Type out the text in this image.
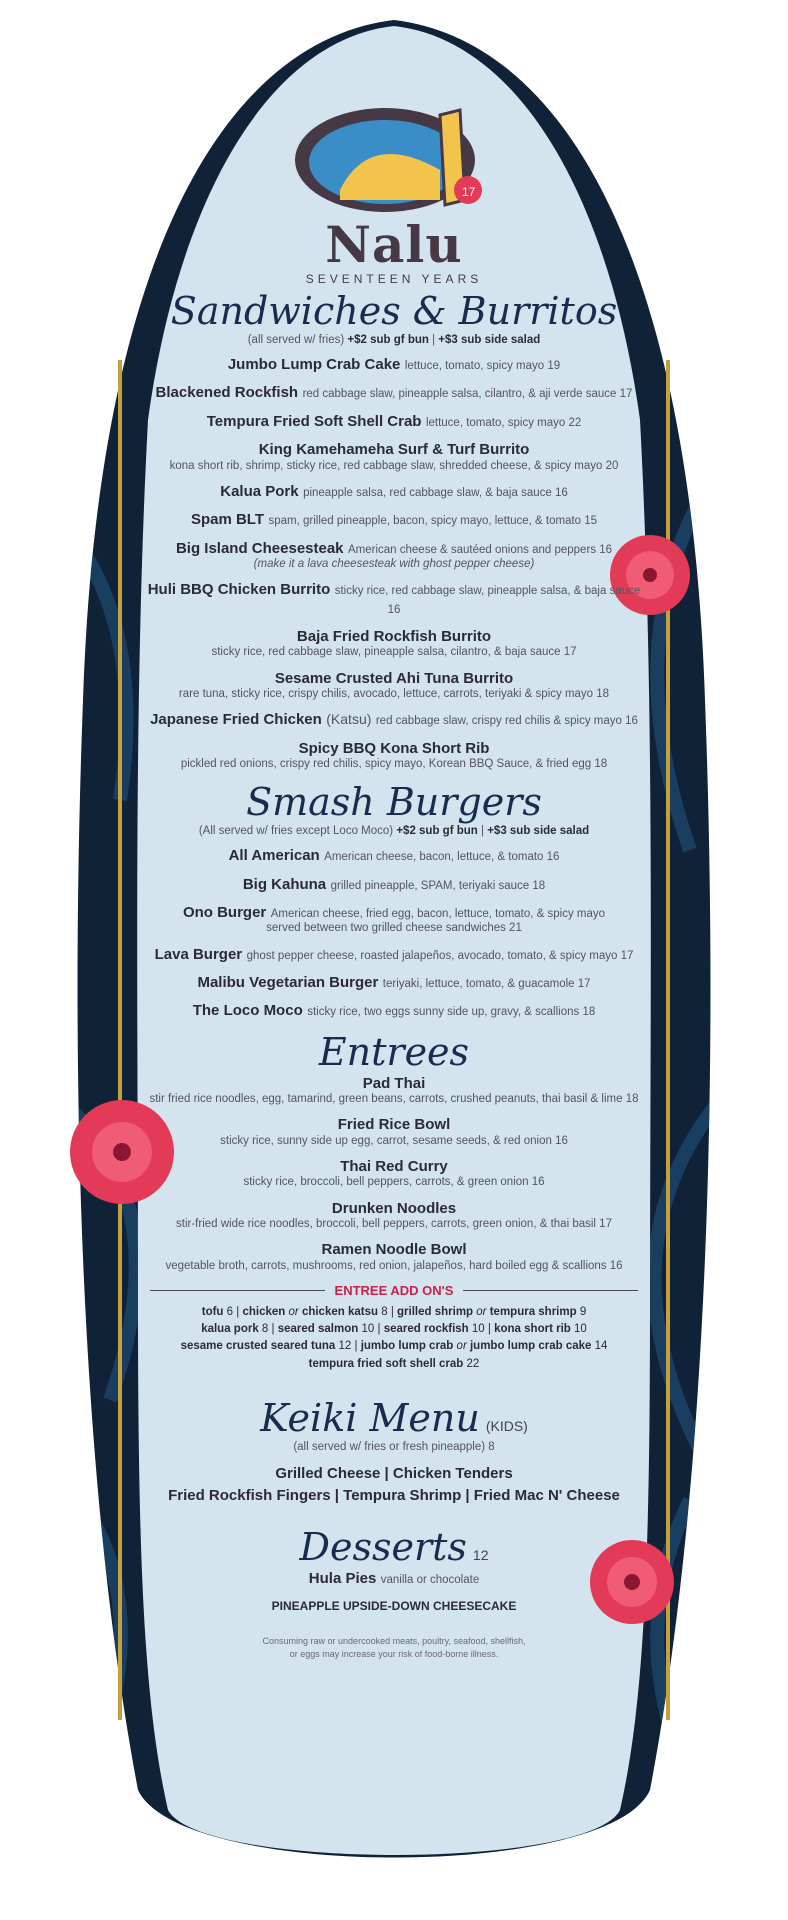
17
Nalu
SEVENTEEN YEARS
Sandwiches & Burritos
(all served w/ fries) +$2 sub gf bun | +$3 sub side salad
Jumbo Lump Crab Cake lettuce, tomato, spicy mayo 19
Blackened Rockfish red cabbage slaw, pineapple salsa, cilantro, & aji verde sauce 17
Tempura Fried Soft Shell Crab lettuce, tomato, spicy mayo 22
King Kamehameha Surf & Turf Burrito
kona short rib, shrimp, sticky rice, red cabbage slaw, shredded cheese, & spicy mayo 20
Kalua Pork pineapple salsa, red cabbage slaw, & baja sauce 16
Spam BLT spam, grilled pineapple, bacon, spicy mayo, lettuce, & tomato 15
Big Island Cheesesteak American cheese & sautéed onions and peppers 16
(make it a lava cheesesteak with ghost pepper cheese)
Huli BBQ Chicken Burrito sticky rice, red cabbage slaw, pineapple salsa, & baja sauce 16
Baja Fried Rockfish Burrito
sticky rice, red cabbage slaw, pineapple salsa, cilantro, & baja sauce 17
Sesame Crusted Ahi Tuna Burrito
rare tuna, sticky rice, crispy chilis, avocado, lettuce, carrots, teriyaki & spicy mayo 18
Japanese Fried Chicken (Katsu) red cabbage slaw, crispy red chilis & spicy mayo 16
Spicy BBQ Kona Short Rib
pickled red onions, crispy red chilis, spicy mayo, Korean BBQ Sauce, & fried egg 18
Smash Burgers
(All served w/ fries except Loco Moco) +$2 sub gf bun | +$3 sub side salad
All American American cheese, bacon, lettuce, & tomato 16
Big Kahuna grilled pineapple, SPAM, teriyaki sauce 18
Ono Burger American cheese, fried egg, bacon, lettuce, tomato, & spicy mayo
served between two grilled cheese sandwiches 21
Lava Burger ghost pepper cheese, roasted jalapeños, avocado, tomato, & spicy mayo 17
Malibu Vegetarian Burger teriyaki, lettuce, tomato, & guacamole 17
The Loco Moco sticky rice, two eggs sunny side up, gravy, & scallions 18
Entrees
Pad Thai
stir fried rice noodles, egg, tamarind, green beans, carrots, crushed peanuts, thai basil & lime 18
Fried Rice Bowl
sticky rice, sunny side up egg, carrot, sesame seeds, & red onion 16
Thai Red Curry
sticky rice, broccoli, bell peppers, carrots, & green onion 16
Drunken Noodles
stir-fried wide rice noodles, broccoli, bell peppers, carrots, green onion, & thai basil 17
Ramen Noodle Bowl
vegetable broth, carrots, mushrooms, red onion, jalapeños, hard boiled egg & scallions 16
ENTREE ADD ON'S
tofu 6 | chicken or chicken katsu 8 | grilled shrimp or tempura shrimp 9
kalua pork 8 | seared salmon 10 | seared rockfish 10 | kona short rib 10
sesame crusted seared tuna 12 | jumbo lump crab or jumbo lump crab cake 14
tempura fried soft shell crab 22
Keiki Menu (KIDS)
(all served w/ fries or fresh pineapple) 8
Grilled Cheese | Chicken Tenders
Fried Rockfish Fingers | Tempura Shrimp | Fried Mac N' Cheese
Desserts 12
Hula Pies vanilla or chocolate
PINEAPPLE UPSIDE-DOWN CHEESECAKE
Consuming raw or undercooked meats, poultry, seafood, shellfish,
or eggs may increase your risk of food-borne illness.
